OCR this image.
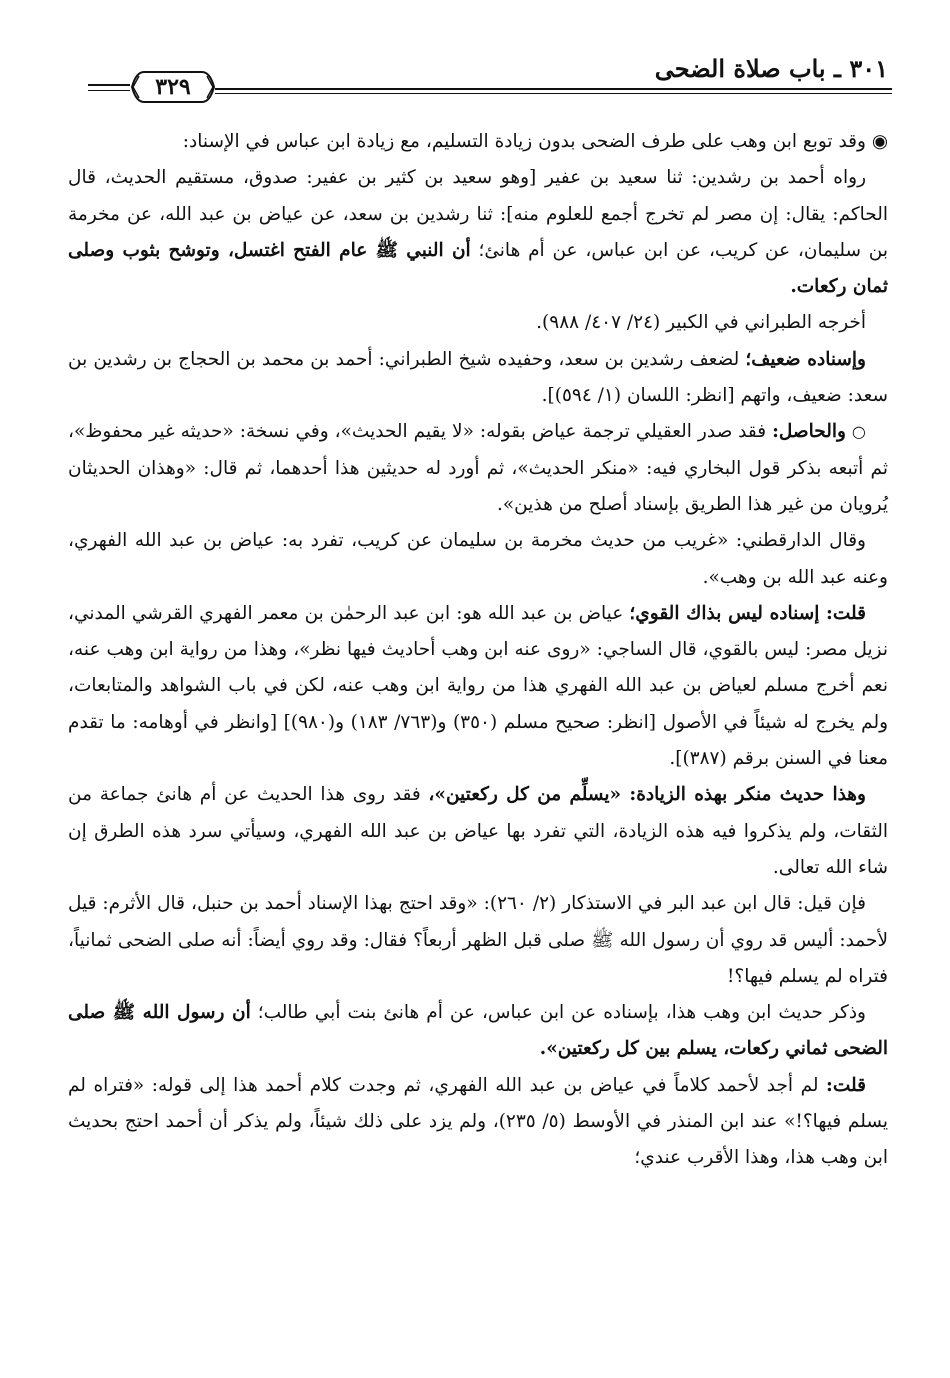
٣٠١ ـ باب صلاة الضحى
٣٢٩

◉ وقد توبع ابن وهب على طرف الضحى بدون زيادة التسليم، مع زيادة ابن عباس في الإسناد:

رواه أحمد بن رشدين: ثنا سعيد بن عفير [وهو سعيد بن كثير بن عفير: صدوق، مستقيم الحديث، قال الحاكم: يقال: إن مصر لم تخرج أجمع للعلوم منه]: ثنا رشدين بن سعد، عن عياض بن عبد الله، عن مخرمة بن سليمان، عن كريب، عن ابن عباس، عن أم هانئ؛ أن النبي ﷺ عام الفتح اغتسل، وتوشح بثوب وصلى ثمان ركعات.

أخرجه الطبراني في الكبير (٢٤/ ٤٠٧/ ٩٨٨).

وإسناده ضعيف؛ لضعف رشدين بن سعد، وحفيده شيخ الطبراني: أحمد بن محمد بن الحجاج بن رشدين بن سعد: ضعيف، واتهم [انظر: اللسان (١/ ٥٩٤)].

○ والحاصل: فقد صدر العقيلي ترجمة عياض بقوله: «لا يقيم الحديث»، وفي نسخة: «حديثه غير محفوظ»، ثم أتبعه بذكر قول البخاري فيه: «منكر الحديث»، ثم أورد له حديثين هذا أحدهما، ثم قال: «وهذان الحديثان يُرويان من غير هذا الطريق بإسناد أصلح من هذين».

وقال الدارقطني: «غريب من حديث مخرمة بن سليمان عن كريب، تفرد به: عياض بن عبد الله الفهري، وعنه عبد الله بن وهب».

قلت: إسناده ليس بذاك القوي؛ عياض بن عبد الله هو: ابن عبد الرحمٰن بن معمر الفهري القرشي المدني، نزيل مصر: ليس بالقوي، قال الساجي: «روى عنه ابن وهب أحاديث فيها نظر»، وهذا من رواية ابن وهب عنه، نعم أخرج مسلم لعياض بن عبد الله الفهري هذا من رواية ابن وهب عنه، لكن في باب الشواهد والمتابعات، ولم يخرج له شيئاً في الأصول [انظر: صحيح مسلم (٣٥٠) و(٧٦٣/ ١٨٣) و(٩٨٠)] [وانظر في أوهامه: ما تقدم معنا في السنن برقم (٣٨٧)].

وهذا حديث منكر بهذه الزيادة: «يسلِّم من كل ركعتين»، فقد روى هذا الحديث عن أم هانئ جماعة من الثقات، ولم يذكروا فيه هذه الزيادة، التي تفرد بها عياض بن عبد الله الفهري، وسيأتي سرد هذه الطرق إن شاء الله تعالى.

فإن قيل: قال ابن عبد البر في الاستذكار (٢/ ٢٦٠): «وقد احتج بهذا الإسناد أحمد بن حنبل، قال الأثرم: قيل لأحمد: أليس قد روي أن رسول الله ﷺ صلى قبل الظهر أربعاً؟ فقال: وقد روي أيضاً: أنه صلى الضحى ثمانياً، فتراه لم يسلم فيها؟!

وذكر حديث ابن وهب هذا، بإسناده عن ابن عباس، عن أم هانئ بنت أبي طالب؛ أن رسول الله ﷺ صلى الضحى ثماني ركعات، يسلم بين كل ركعتين».

قلت: لم أجد لأحمد كلاماً في عياض بن عبد الله الفهري، ثم وجدت كلام أحمد هذا إلى قوله: «فتراه لم يسلم فيها؟!» عند ابن المنذر في الأوسط (٥/ ٢٣٥)، ولم يزد على ذلك شيئاً، ولم يذكر أن أحمد احتج بحديث ابن وهب هذا، وهذا الأقرب عندي؛
